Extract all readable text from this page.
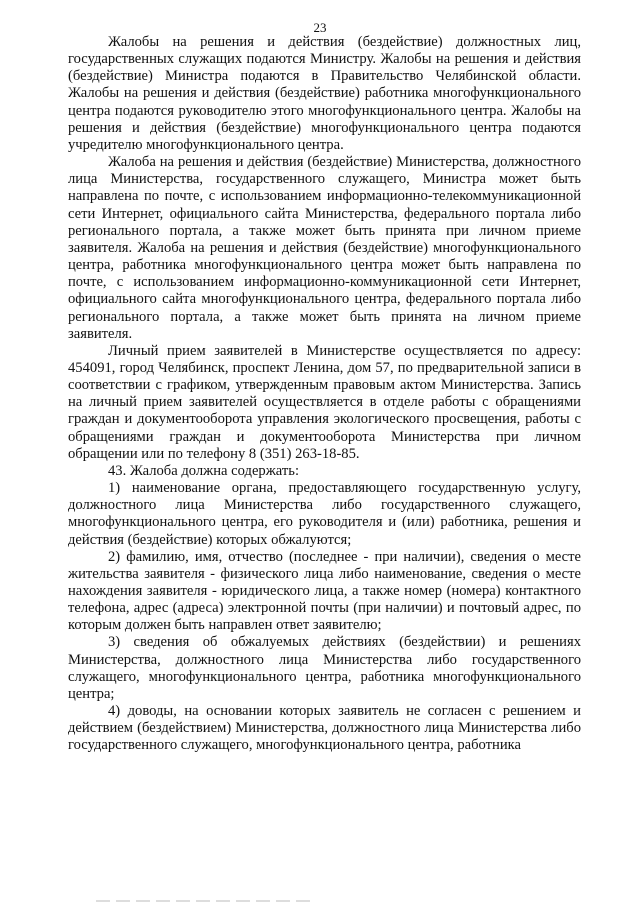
23

Жалобы на решения и действия (бездействие) должностных лиц, государственных служащих подаются Министру. Жалобы на решения и действия (бездействие) Министра подаются в Правительство Челябинской области. Жалобы на решения и действия (бездействие) работника многофункционального центра подаются руководителю этого многофункционального центра. Жалобы на решения и действия (бездействие) многофункционального центра подаются учредителю многофункционального центра.

Жалоба на решения и действия (бездействие) Министерства, должностного лица Министерства, государственного служащего, Министра может быть направлена по почте, с использованием информационно-телекоммуникационной сети Интернет, официального сайта Министерства, федерального портала либо регионального портала, а также может быть принята при личном приеме заявителя. Жалоба на решения и действия (бездействие) многофункционального центра, работника многофункционального центра может быть направлена по почте, с использованием информационно-коммуникационной сети Интернет, официального сайта многофункционального центра, федерального портала либо регионального портала, а также может быть принята на личном приеме заявителя.

Личный прием заявителей в Министерстве осуществляется по адресу: 454091, город Челябинск, проспект Ленина, дом 57, по предварительной записи в соответствии с графиком, утвержденным правовым актом Министерства. Запись на личный прием заявителей осуществляется в отделе работы с обращениями граждан и документооборота управления экологического просвещения, работы с обращениями граждан и документооборота Министерства при личном обращении или по телефону 8 (351) 263-18-85.

43. Жалоба должна содержать:

1) наименование органа, предоставляющего государственную услугу, должностного лица Министерства либо государственного служащего, многофункционального центра, его руководителя и (или) работника, решения и действия (бездействие) которых обжалуются;

2) фамилию, имя, отчество (последнее - при наличии), сведения о месте жительства заявителя - физического лица либо наименование, сведения о месте нахождения заявителя - юридического лица, а также номер (номера) контактного телефона, адрес (адреса) электронной почты (при наличии) и почтовый адрес, по которым должен быть направлен ответ заявителю;

3) сведения об обжалуемых действиях (бездействии) и решениях Министерства, должностного лица Министерства либо государственного служащего, многофункционального центра, работника многофункционального центра;

4) доводы, на основании которых заявитель не согласен с решением и действием (бездействием) Министерства, должностного лица Министерства либо государственного служащего, многофункционального центра, работника
